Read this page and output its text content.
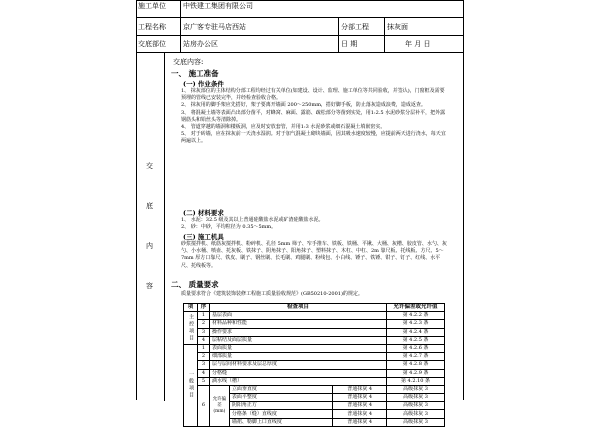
施工单位	中铁建工集团有限公司
工程名称	京广客专驻马店西站	分部工程	抹灰面
交底部位	站房办公区	日 期	年 月 日
交
底
内
容
交底内容:
一、 施工准备
(一) 作业条件
1、 抹灰部位的主体结构分部工程均经过有关单位(如建设、设计、监理、施工单位等共同验收，并签认)，门窗框及需要预埋的管线已安装完毕，并经检查验收合格。
2、 抹灰用的脚手架应先搭好，架子要离开墙面 200～250mm，搭好脚手板，防止落灰造成浪费，造成返查。
3、 将混凝土墙等表面凸出部分凿平，对蜂窝、麻面、露筋、疏松部分等凿到实处，用1:2.5 水泥砂浆分层补平，把外露钢筋头和铅丝头等清除掉。
4、 管道穿越的墙洞和楼板洞，应及时安放套管，并用1:3 水泥砂浆或细石混凝土填嵌密实。
5、 对于砖墙，应在抹灰前一天浇水湿润。对于加气混凝土砌块墙面，因其吸水速度较慢，应提前两天进行浇水，每天宜两遍以上。
(二) 材料要求
1、 水泥：32.5 级及其以上普通硅酸盐水泥或矿渣硅酸盐水泥。
2、 砂：中砂，平均粒径为 0.35～5mm。
(三) 施工机具
砂浆搅拌机、纸筋灰搅拌机、粉碎机、孔径 5mm 筛子、窄手推车、铁板、铁桶、平锹、大桶、灰槽、胶皮管、水勺、灰勺、小水桶、喷壶、托灰板、铁抹子、阴角抹子、阳角抹子、塑料抹子、木杠、中杠、2m 靠尺板、托线板、方尺、5～7mm 厚方口靠尺、铁皮、刷子、钢丝刷、长毛刷、鸡腿刷、粉线包、小白线、锤子、铁锤、钳子、钉子、红线、水平尺、托线板等。
二、 质量要求
质量要求符合《建筑装饰装修工程施工质量验收规范》(GB50210-2001)的规定。
项	序	检查项目			允许偏差或允许值
主控项目	1	基层表面			第 4.2.2 条
	2	材料品种和性能			第 4.2.3 条
	3	操作要求			第 4.2.4 条
	4	层粘结及面层质量			第 4.2.5 条
一般项目	1	表面质量			第 4.2.6 条
	2	细部质量			第 4.2.7 条
	3	层与层间材料要求及层总厚度			第 4.2.8 条
	4	分格缝			第 4.2.9 条
	5	滴水线（槽）			第 4.2.10 条
	6	允许偏差(mm)	立面垂直度	普通抹灰 4	高级抹灰 3
			表面平整度	普通抹灰 4	高级抹灰 3
			阴阳角正方	普通抹灰 4	高级抹灰 3
			分格条（缝）直线度	普通抹灰 4	高级抹灰 3
			墙裙、勒脚上口直线度	普通抹灰 4	高级抹灰 3
